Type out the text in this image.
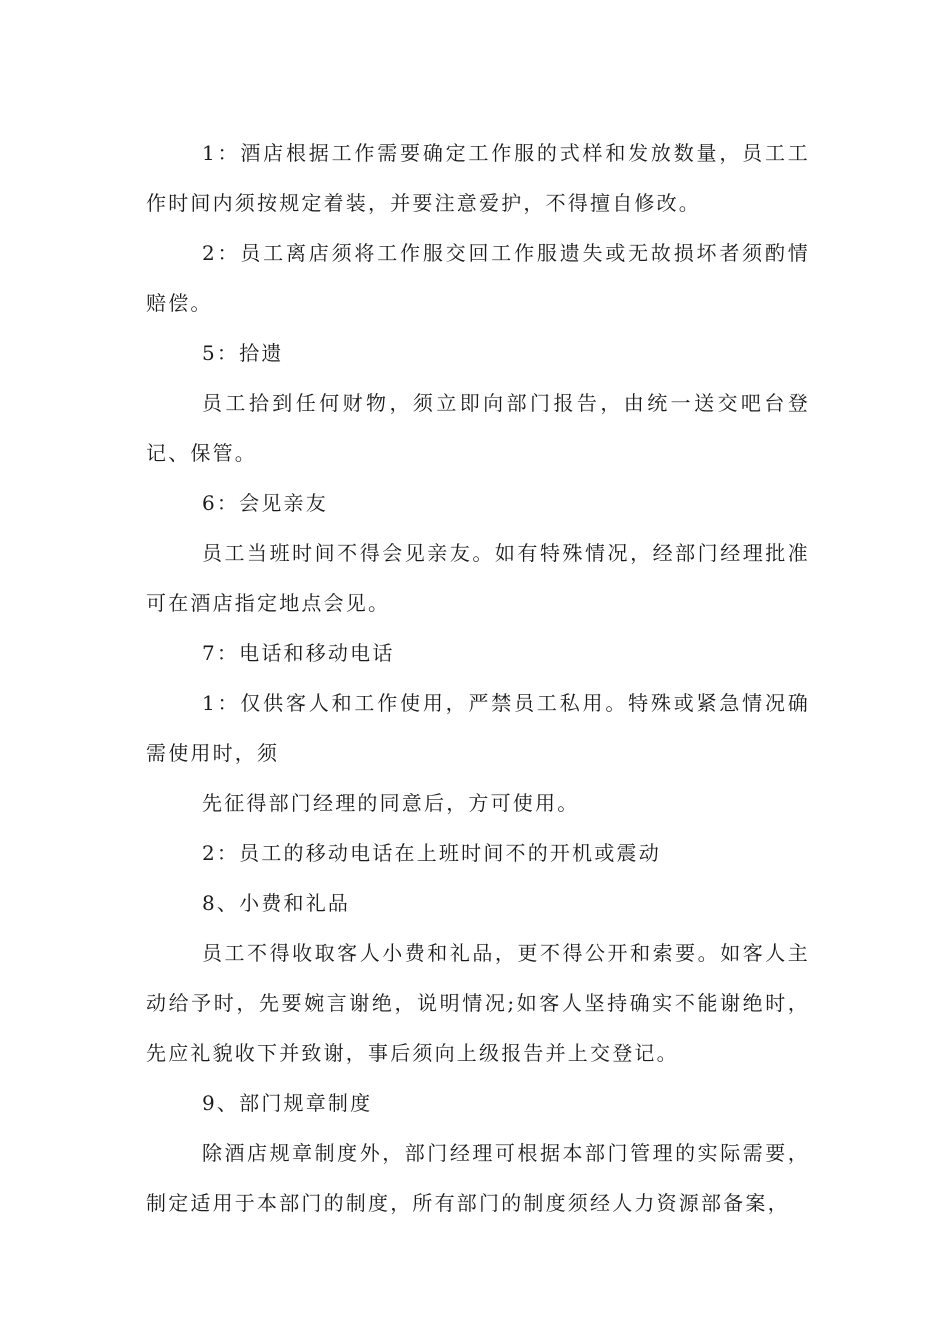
1：酒店根据工作需要确定工作服的式样和发放数量，员工工作时间内须按规定着装，并要注意爱护，不得擅自修改。

2：员工离店须将工作服交回工作服遗失或无故损坏者须酌情赔偿。

5：拾遗

员工拾到任何财物，须立即向部门报告，由统一送交吧台登记、保管。

6：会见亲友

员工当班时间不得会见亲友。如有特殊情况，经部门经理批准可在酒店指定地点会见。

7：电话和移动电话

1：仅供客人和工作使用，严禁员工私用。特殊或紧急情况确需使用时，须

先征得部门经理的同意后，方可使用。

2：员工的移动电话在上班时间不的开机或震动

8、小费和礼品

员工不得收取客人小费和礼品，更不得公开和索要。如客人主动给予时，先要婉言谢绝，说明情况;如客人坚持确实不能谢绝时，先应礼貌收下并致谢，事后须向上级报告并上交登记。

9、部门规章制度

除酒店规章制度外，部门经理可根据本部门管理的实际需要，制定适用于本部门的制度，所有部门的制度须经人力资源部备案，
